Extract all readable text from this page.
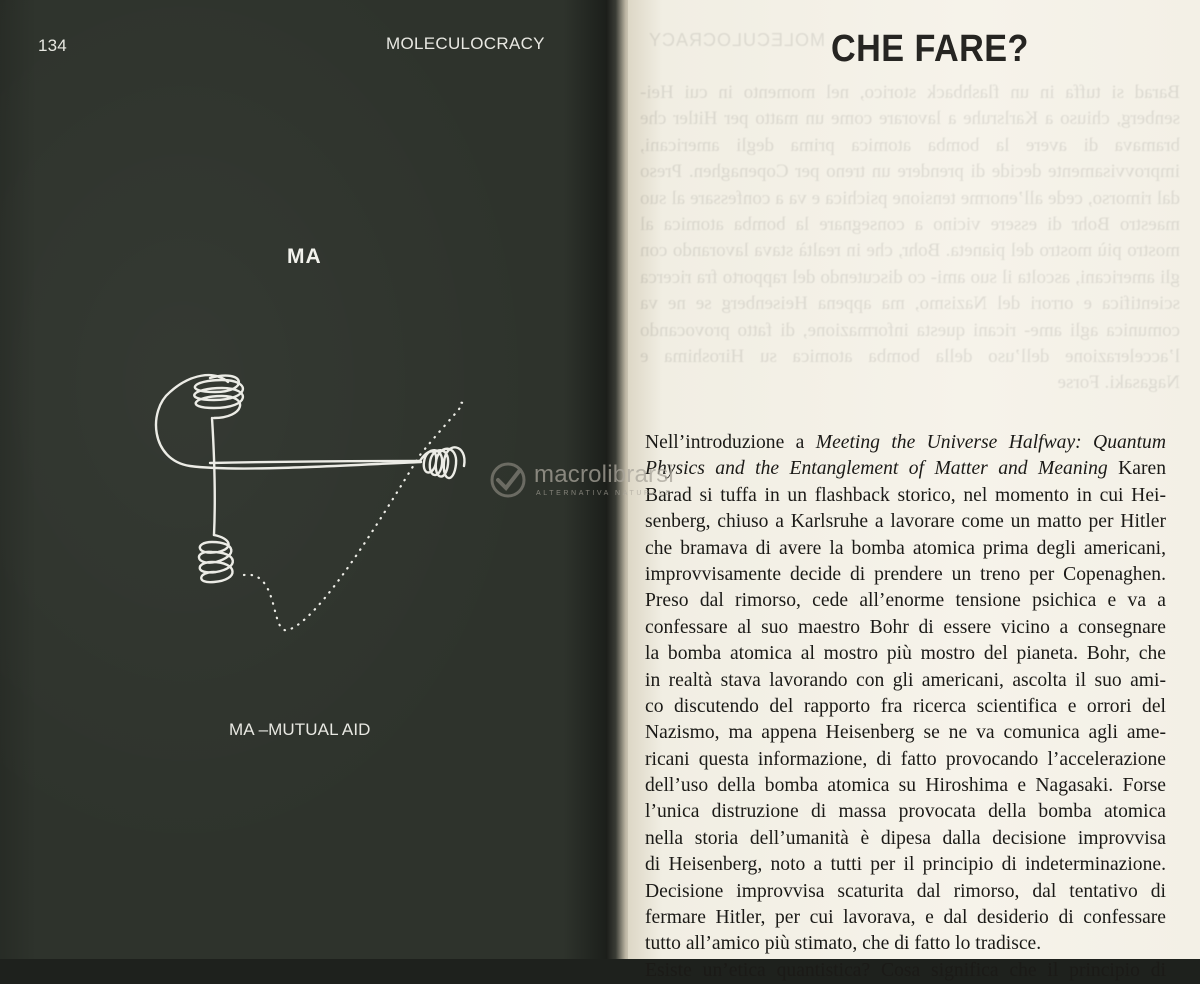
134	MOLECULOCRACY
MA
MA –MUTUAL AID
MOLECULOCRACY
Barad si tuffa in un flashback storico, nel momento in cui Hei- senberg, chiuso a Karlsruhe a lavorare come un matto per Hitler che bramava di avere la bomba atomica prima degli americani, improvvisamente decide di prendere un treno per Copenaghen. Preso dal rimorso, cede all’enorme tensione psichica e va a confessare al suo maestro Bohr di essere vicino a consegnare la bomba atomica al mostro più mostro del pianeta. Bohr, che in realtà stava lavorando con gli americani, ascolta il suo ami- co discutendo del rapporto fra ricerca scientifica e orrori del Nazismo, ma appena Heisenberg se ne va comunica agli ame- ricani questa informazione, di fatto provocando l’accelerazione dell’uso della bomba atomica su Hiroshima e Nagasaki. Forse
CHE FARE?
Nell’introduzione a Meeting the Universe Halfway: Quantum
Physics and the Entanglement of Matter and Meaning Karen
Barad si tuffa in un flashback storico, nel momento in cui Hei-
senberg, chiuso a Karlsruhe a lavorare come un matto per Hitler
che bramava di avere la bomba atomica prima degli americani,
improvvisamente decide di prendere un treno per Copenaghen.
Preso dal rimorso, cede all’enorme tensione psichica e va a
confessare al suo maestro Bohr di essere vicino a consegnare
la bomba atomica al mostro più mostro del pianeta. Bohr, che
in realtà stava lavorando con gli americani, ascolta il suo ami-
co discutendo del rapporto fra ricerca scientifica e orrori del
Nazismo, ma appena Heisenberg se ne va comunica agli ame-
ricani questa informazione, di fatto provocando l’accelerazione
dell’uso della bomba atomica su Hiroshima e Nagasaki. Forse
l’unica distruzione di massa provocata della bomba atomica
nella storia dell’umanità è dipesa dalla decisione improvvisa
di Heisenberg, noto a tutti per il principio di indeterminazione.
Decisione improvvisa scaturita dal rimorso, dal tentativo di
fermare Hitler, per cui lavorava, e dal desiderio di confessare
tutto all’amico più stimato, che di fatto lo tradisce.
Esiste un’etica quantistica? Cosa significa che il principio di
macrolibrarsi
ALTERNATIVA NATURALE
